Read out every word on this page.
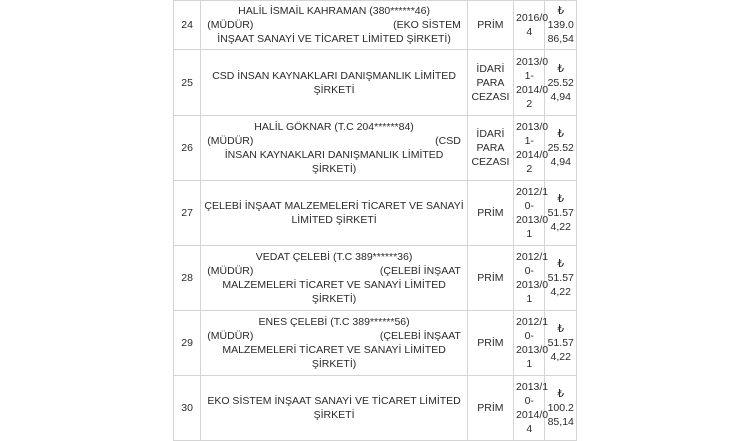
24	HALİL İSMAİL KAHRAMAN (380******46)
(MÜDÜR) (EKO SİSTEM
İNŞAAT SANAYİ VE TİCARET LİMİTED ŞİRKETİ)	PRİM	2016/0
4	₺
139.0
86,54

25	CSD İNSAN KAYNAKLARI DANIŞMANLIK LİMİTED ŞİRKETİ	İDARİ
PARA
CEZASI	2013/0
1-
2014/0
2	₺
25.52
4,94

26	HALİL GÖKNAR (T.C 204******84)
(MÜDÜR) (CSD
İNSAN KAYNAKLARI DANIŞMANLIK LİMİTED ŞİRKETİ)	İDARİ
PARA
CEZASI	2013/0
1-
2014/0
2	₺
25.52
4,94

27	ÇELEBİ İNŞAAT MALZEMELERİ TİCARET VE SANAYİ
LİMİTED ŞİRKETİ	PRİM	2012/1
0-
2013/0
1	₺
51.57
4,22

28	VEDAT ÇELEBİ (T.C 389******36)
(MÜDÜR) (ÇELEBİ İNŞAAT
MALZEMELERİ TİCARET VE SANAYİ LİMİTED ŞİRKETİ)	PRİM	2012/1
0-
2013/0
1	₺
51.57
4,22

29	ENES ÇELEBİ (T.C 389******56)
(MÜDÜR) (ÇELEBİ İNŞAAT
MALZEMELERİ TİCARET VE SANAYİ LİMİTED ŞİRKETİ)	PRİM	2012/1
0-
2013/0
1	₺
51.57
4,22

30	EKO SİSTEM İNŞAAT SANAYİ VE TİCARET LİMİTED ŞİRKETİ	PRİM	2013/1
0-
2014/0
4	₺
100.2
85,14
